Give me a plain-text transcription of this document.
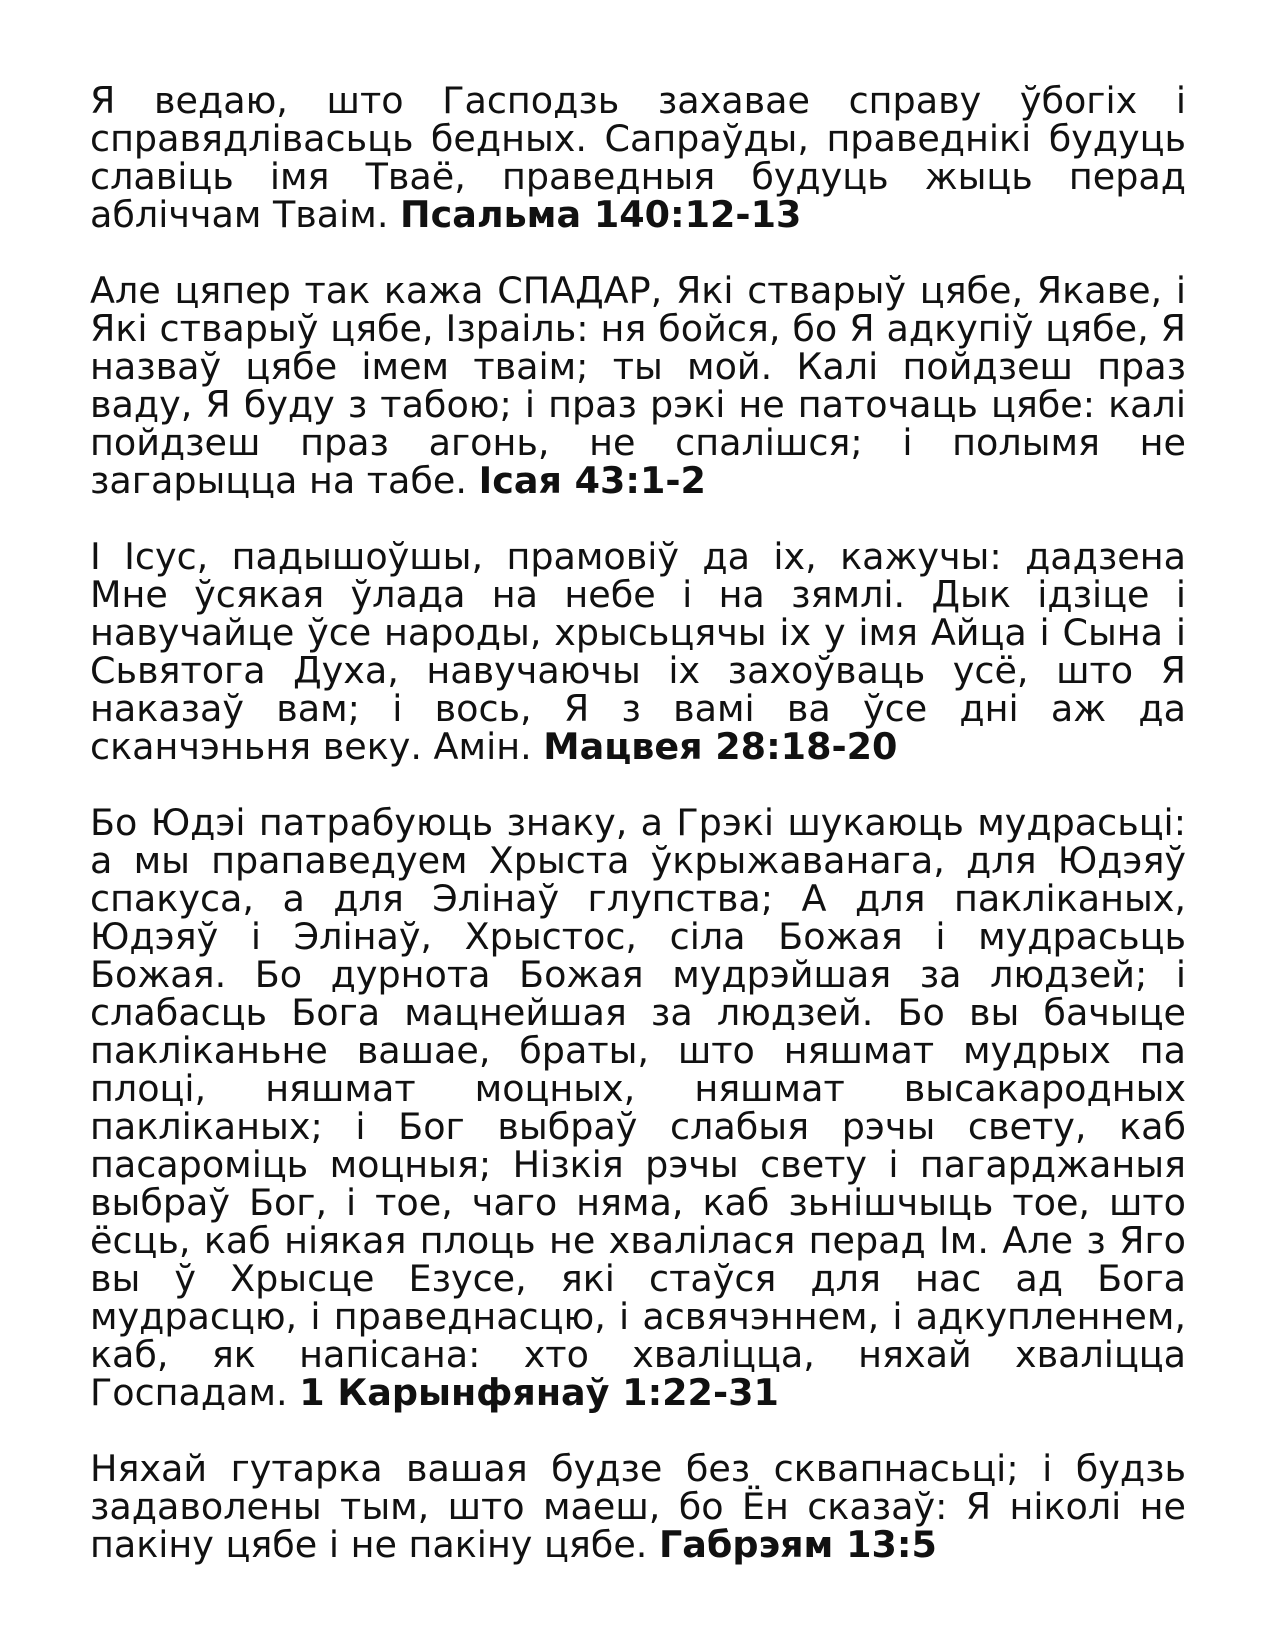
Я ведаю, што Гасподзь захавае справу ўбогіх і справядлівасьць бедных. Сапраўды, праведнікі будуць славіць імя Тваё, праведныя будуць жыць перад абліччам Тваім. Псальма 140:12-13

Але цяпер так кажа СПАДАР, Які стварыў цябе, Якаве, і Які стварыў цябе, Ізраіль: ня бойся, бо Я адкупіў цябе, Я назваў цябе імем тваім; ты мой. Калі пойдзеш праз ваду, Я буду з табою; і праз рэкі не паточаць цябе: калі пойдзеш праз агонь, не спалішся; і полымя не загарыцца на табе. Ісая 43:1-2

І Ісус, падышоўшы, прамовіў да іх, кажучы: дадзена Мне ўсякая ўлада на небе і на зямлі. Дык ідзіце і навучайце ўсе народы, хрысьцячы іх у імя Айца і Сына і Сьвятога Духа, навучаючы іх захоўваць усё, што Я наказаў вам; і вось, Я з вамі ва ўсе дні аж да сканчэньня веку. Амін. Мацвея 28:18-20

Бо Юдэі патрабуюць знаку, а Грэкі шукаюць мудрасьці: а мы прапаведуем Хрыста ўкрыжаванага, для Юдэяў спакуса, а для Элінаў глупства; А для пакліканых, Юдэяў і Элінаў, Хрыстос, сіла Божая і мудрасьць Божая. Бо дурнота Божая мудрэйшая за людзей; і слабасць Бога мацнейшая за людзей. Бо вы бачыце пакліканьне вашае, браты, што няшмат мудрых па плоці, няшмат моцных, няшмат высакародных пакліканых; і Бог выбраў слабыя рэчы свету, каб пасароміць моцныя; Нізкія рэчы свету і пагарджаныя выбраў Бог, і тое, чаго няма, каб зьнішчыць тое, што ёсць, каб ніякая плоць не хвалілася перад Ім. Але з Яго вы ў Хрысце Езусе, які стаўся для нас ад Бога мудрасцю, і праведнасцю, і асвячэннем, і адкупленнем, каб, як напісана: хто хваліцца, няхай хваліцца Госпадам. 1 Карынфянаў 1:22-31

Няхай гутарка вашая будзе без сквапнасьці; і будзь задаволены тым, што маеш, бо Ён сказаў: Я ніколі не пакіну цябе і не пакіну цябе. Габрэям 13:5
